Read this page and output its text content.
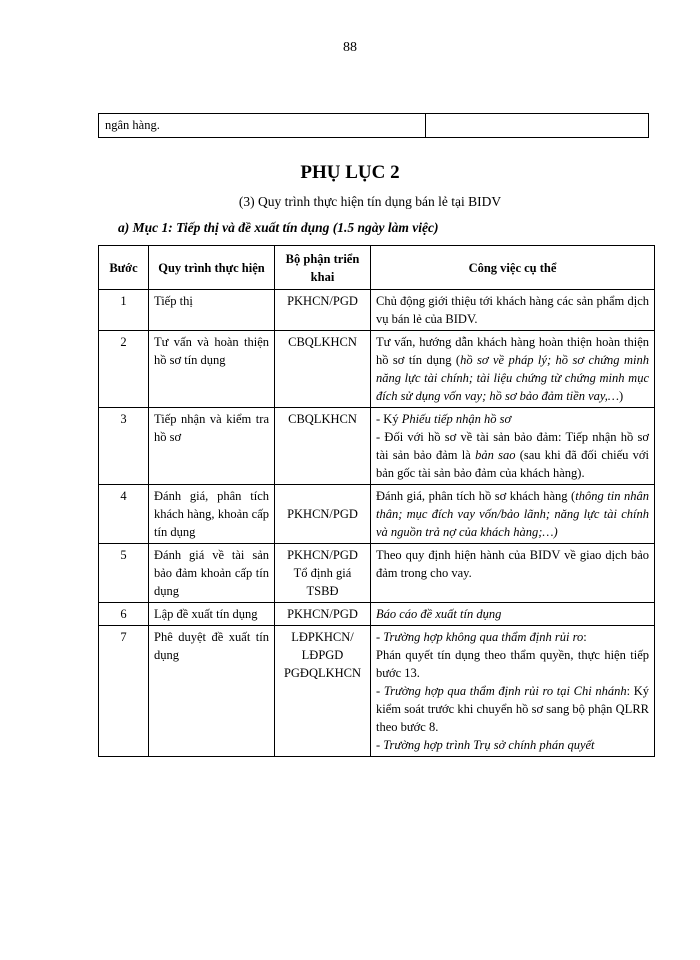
88
ngân hàng.	
PHỤ LỤC 2
(3) Quy trình thực hiện tín dụng bán lẻ tại BIDV
a) Mục 1: Tiếp thị và đề xuất tín dụng (1.5 ngày làm việc)
Bước	Quy trình thực hiện	Bộ phận triển khai	Công việc cụ thể
1	Tiếp thị	PKHCN/PGD	Chủ động giới thiệu tới khách hàng các sản phẩm dịch vụ bán lẻ của BIDV.

2	Tư vấn và hoàn thiện hồ sơ tín dụng	CBQLKHCN	Tư vấn, hướng dẫn khách hàng hoàn thiện hoàn thiện hồ sơ tín dụng (hồ sơ về pháp lý; hồ sơ chứng minh năng lực tài chính; tài liệu chứng từ chứng minh mục đích sử dụng vốn vay; hồ sơ bảo đảm tiền vay,…)

3	Tiếp nhận và kiểm tra hồ sơ	CBQLKHCN	- Ký Phiếu tiếp nhận hồ sơ
- Đối với hồ sơ về tài sản bảo đảm: Tiếp nhận hồ sơ tài sản bảo đảm là bản sao (sau khi đã đối chiếu với bản gốc tài sản bảo đảm của khách hàng).

4	Đánh giá, phân tích khách hàng, khoản cấp tín dụng	PKHCN/PGD	Đánh giá, phân tích hồ sơ khách hàng (thông tin nhân thân; mục đích vay vốn/bảo lãnh; năng lực tài chính và nguồn trả nợ của khách hàng;…)

5	Đánh giá về tài sản bảo đảm khoản cấp tín dụng	PKHCN/PGD Tổ định giá TSBĐ	Theo quy định hiện hành của BIDV về giao dịch bảo đảm trong cho vay.

6	Lập đề xuất tín dụng	PKHCN/PGD	Báo cáo đề xuất tín dụng

7	Phê duyệt đề xuất tín dụng	LĐPKHCN/ LĐPGD PGĐQLKHCN	- Trường hợp không qua thẩm định rủi ro:
Phán quyết tín dụng theo thẩm quyền, thực hiện tiếp bước 13.
- Trường hợp qua thẩm định rủi ro tại Chi nhánh: Ký kiểm soát trước khi chuyển hồ sơ sang bộ phận QLRR theo bước 8.
- Trường hợp trình Trụ sở chính phán quyết
